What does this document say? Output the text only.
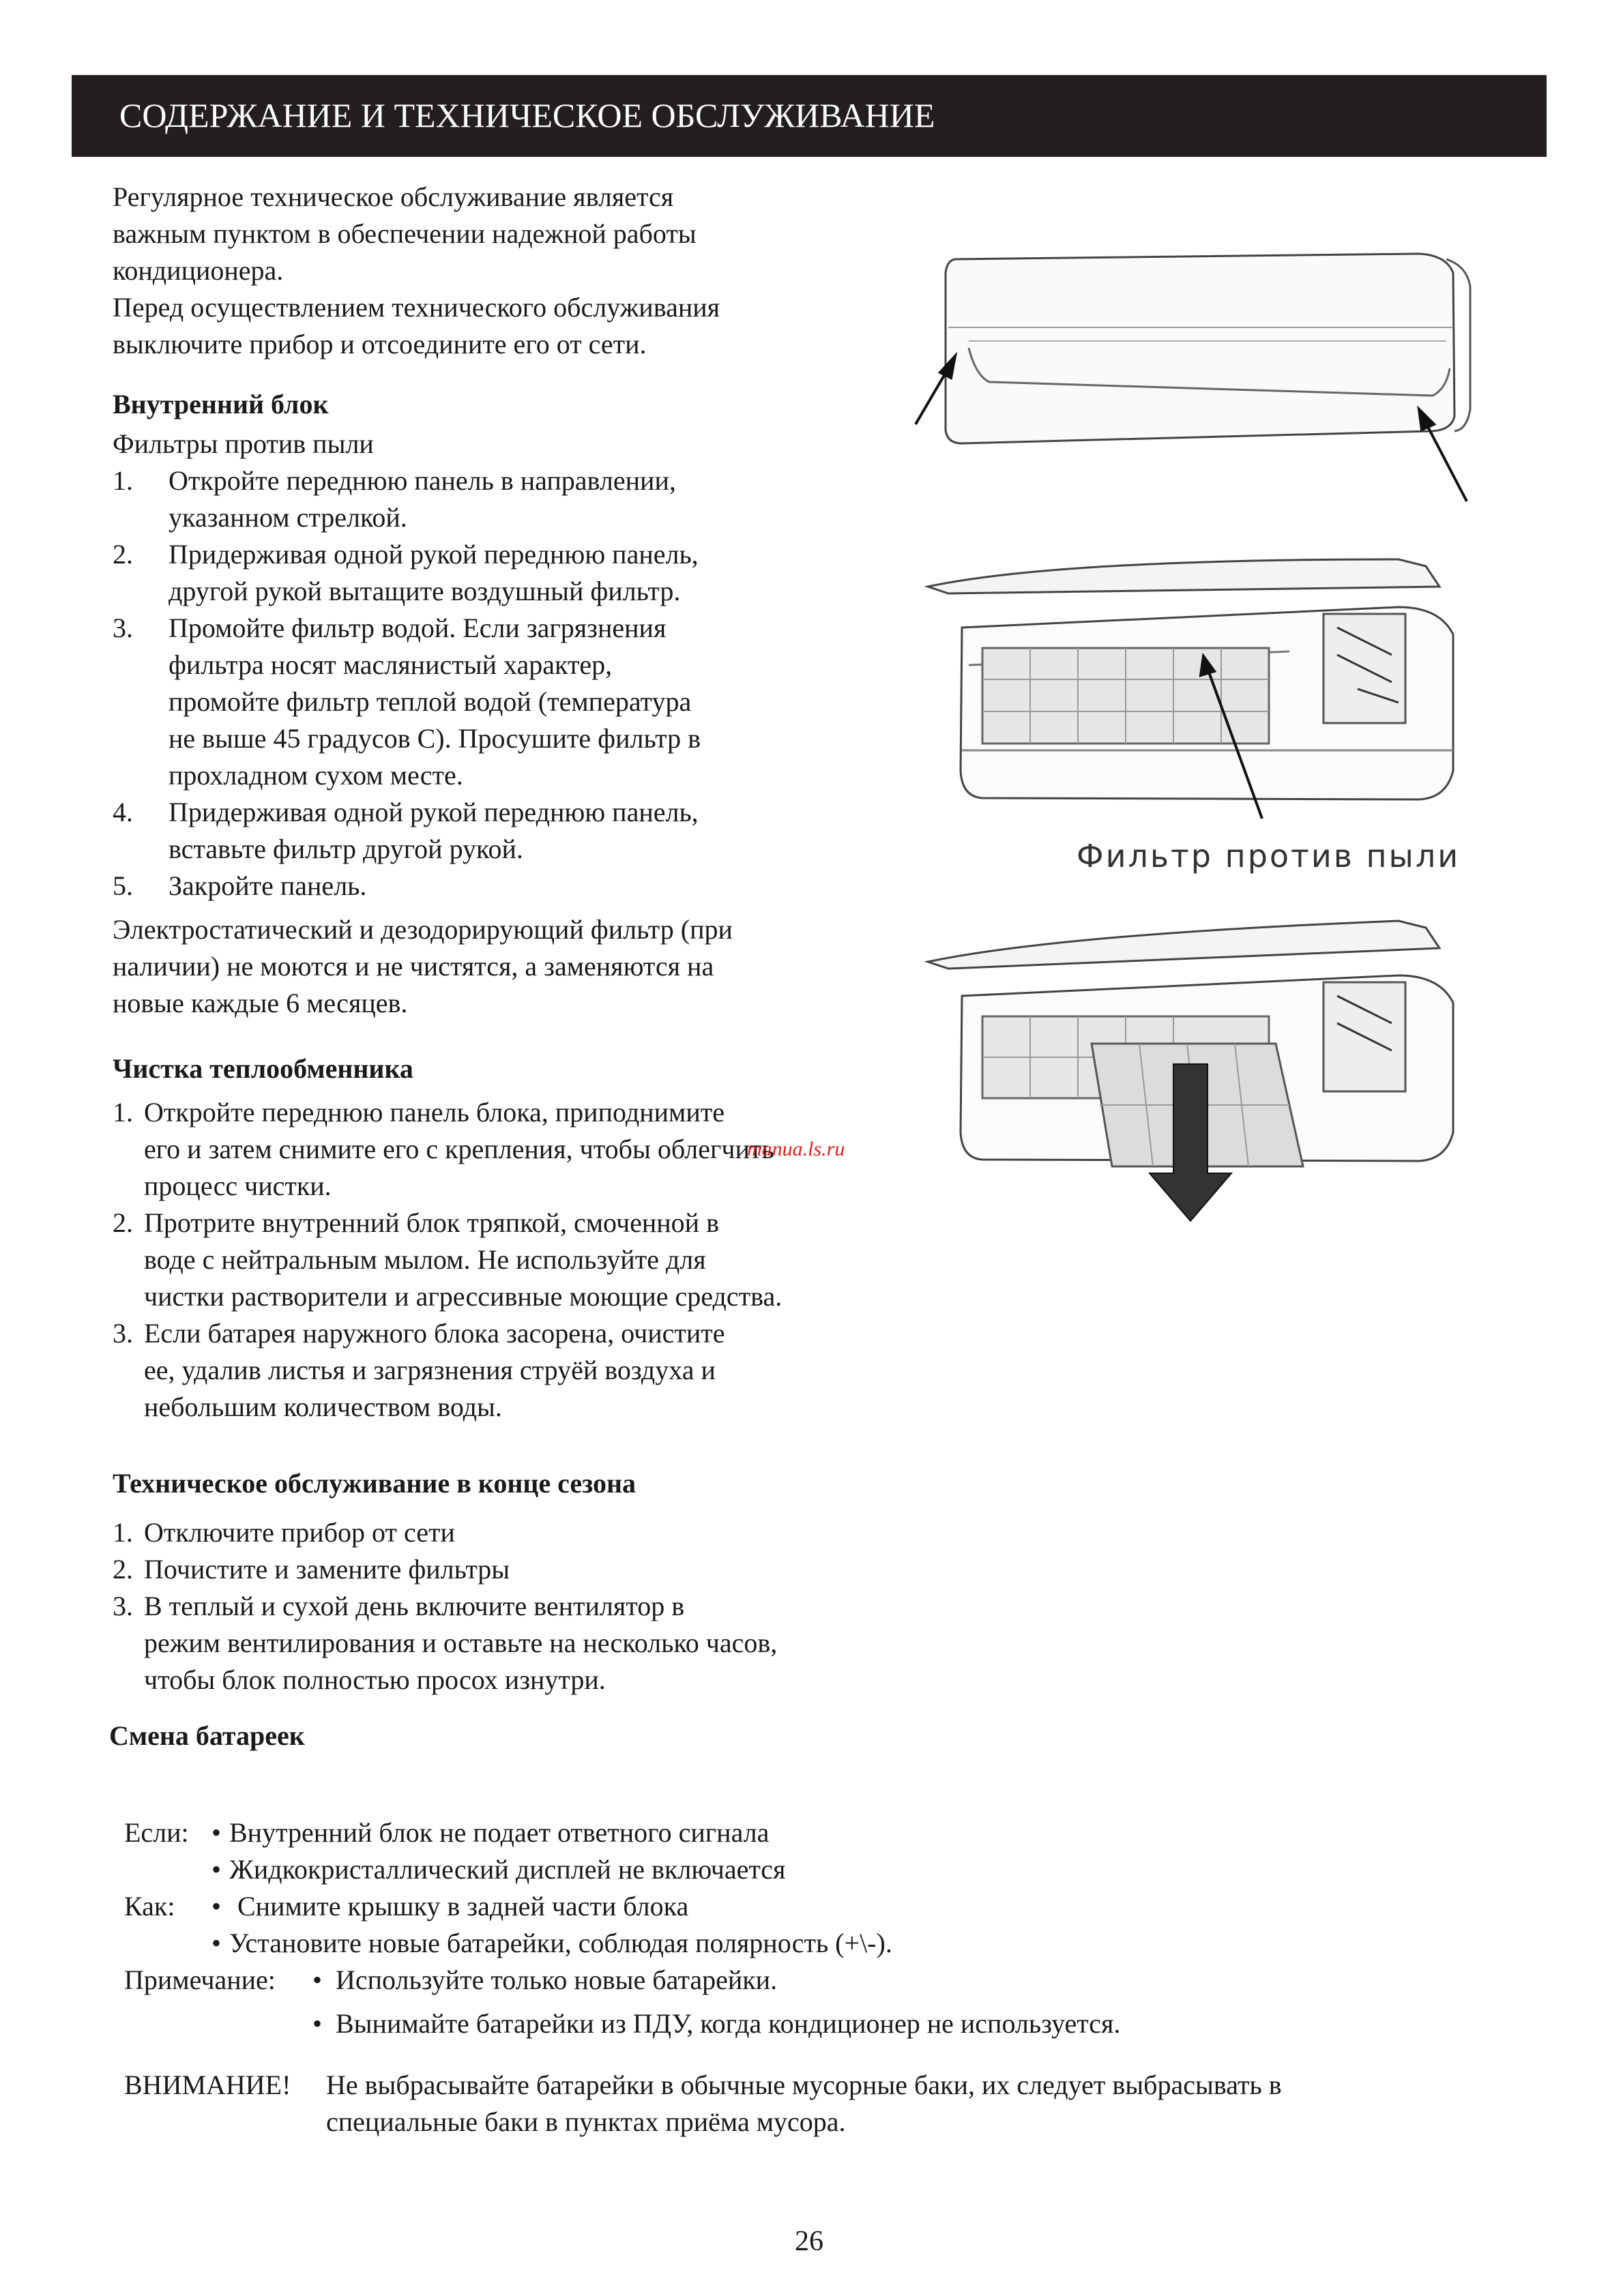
СОДЕРЖАНИЕ И ТЕХНИЧЕСКОЕ ОБСЛУЖИВАНИЕ
Регулярное техническое обслуживание является
важным пунктом в обеспечении надежной работы
кондиционера.
Перед осуществлением технического обслуживания
выключите прибор и отсоедините его от сети.
Внутренний блок
Фильтры против пыли
1. Откройте переднюю панель в направлении,
указанном стрелкой.
2. Придерживая одной рукой переднюю панель,
другой рукой вытащите воздушный фильтр.
3. Промойте фильтр водой. Если загрязнения
фильтра носят маслянистый характер,
промойте фильтр теплой водой (температура
не выше 45 градусов С). Просушите фильтр в
прохладном сухом месте.
4. Придерживая одной рукой переднюю панель,
вставьте фильтр другой рукой.
5. Закройте панель.
Электростатический и дезодорирующий фильтр (при
наличии) не моются и не чистятся, а заменяются на
новые каждые 6 месяцев.
Чистка теплообменника
1. Откройте переднюю панель блока, приподнимите
его и затем снимите его с крепления, чтобы облегчить
процесс чистки.
2. Протрите внутренний блок тряпкой, смоченной в
воде с нейтральным мылом. Не используйте для
чистки растворители и агрессивные моющие средства.
3. Если батарея наружного блока засорена, очистите
ее, удалив листья и загрязнения струёй воздуха и
небольшим количеством воды.
Техническое обслуживание в конце сезона
1. Отключите прибор от сети
2. Почистите и замените фильтры
3. В теплый и сухой день включите вентилятор в
режим вентилирования и оставьте на несколько часов,
чтобы блок полностью просох изнутри.
Смена батареек
Если: • Внутренний блок не подает ответного сигнала
• Жидкокристаллический дисплей не включается
Как: • Снимите крышку в задней части блока
• Установите новые батарейки, соблюдая полярность (+\-).
Примечание: • Используйте только новые батарейки.
• Вынимайте батарейки из ПДУ, когда кондиционер не используется.
ВНИМАНИЕ! Не выбрасывайте батарейки в обычные мусорные баки, их следует выбрасывать в
специальные баки в пунктах приёма мусора.
manua.ls.ru
Фильтр против пыли
26
